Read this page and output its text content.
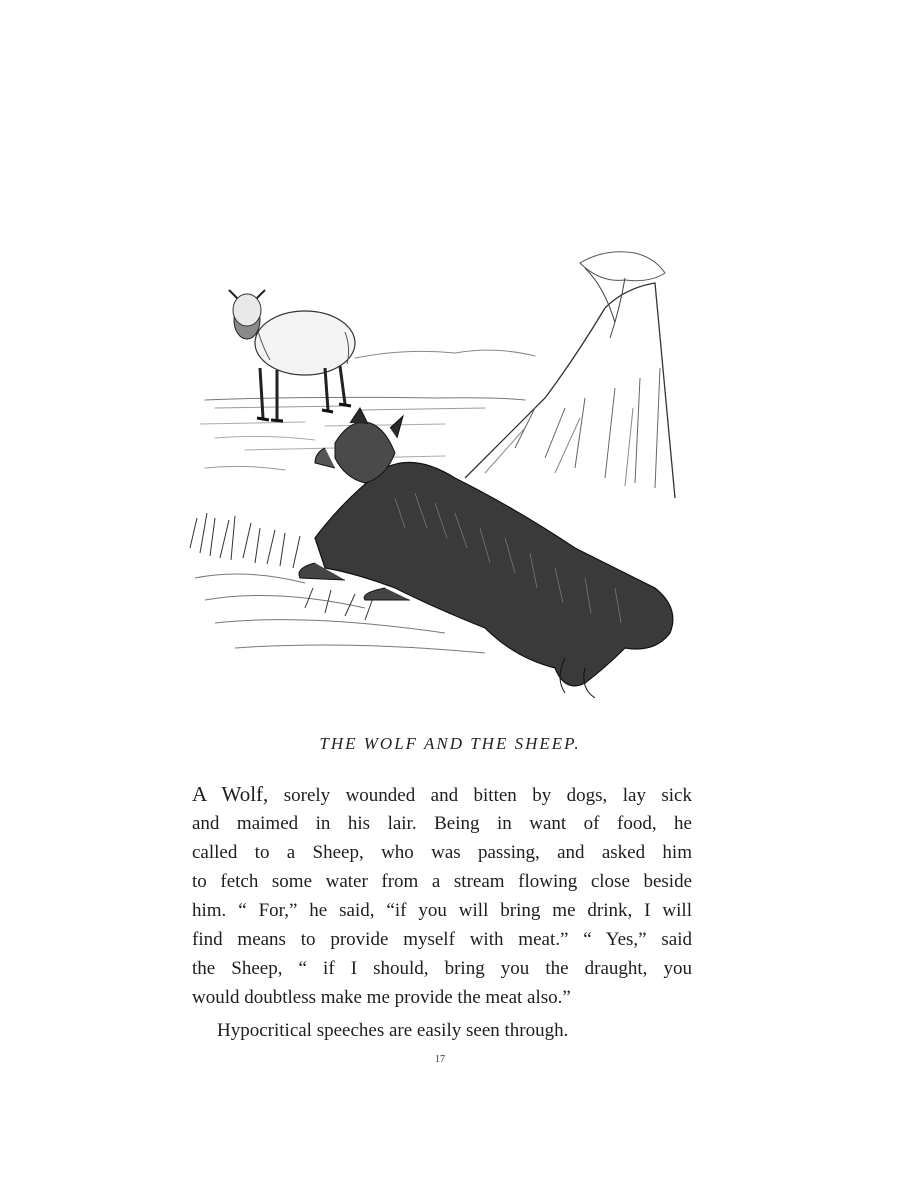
THE WOLF AND THE SHEEP.
A Wolf, sorely wounded and bitten by dogs, lay sick
and maimed in his lair. Being in want of food, he
called to a Sheep, who was passing, and asked him
to fetch some water from a stream flowing close beside
him. “ For,” he said, “if you will bring me drink, I will
find means to provide myself with meat.” “ Yes,” said
the Sheep, “ if I should, bring you the draught, you
would doubtless make me provide the meat also.”
Hypocritical speeches are easily seen through.
17
